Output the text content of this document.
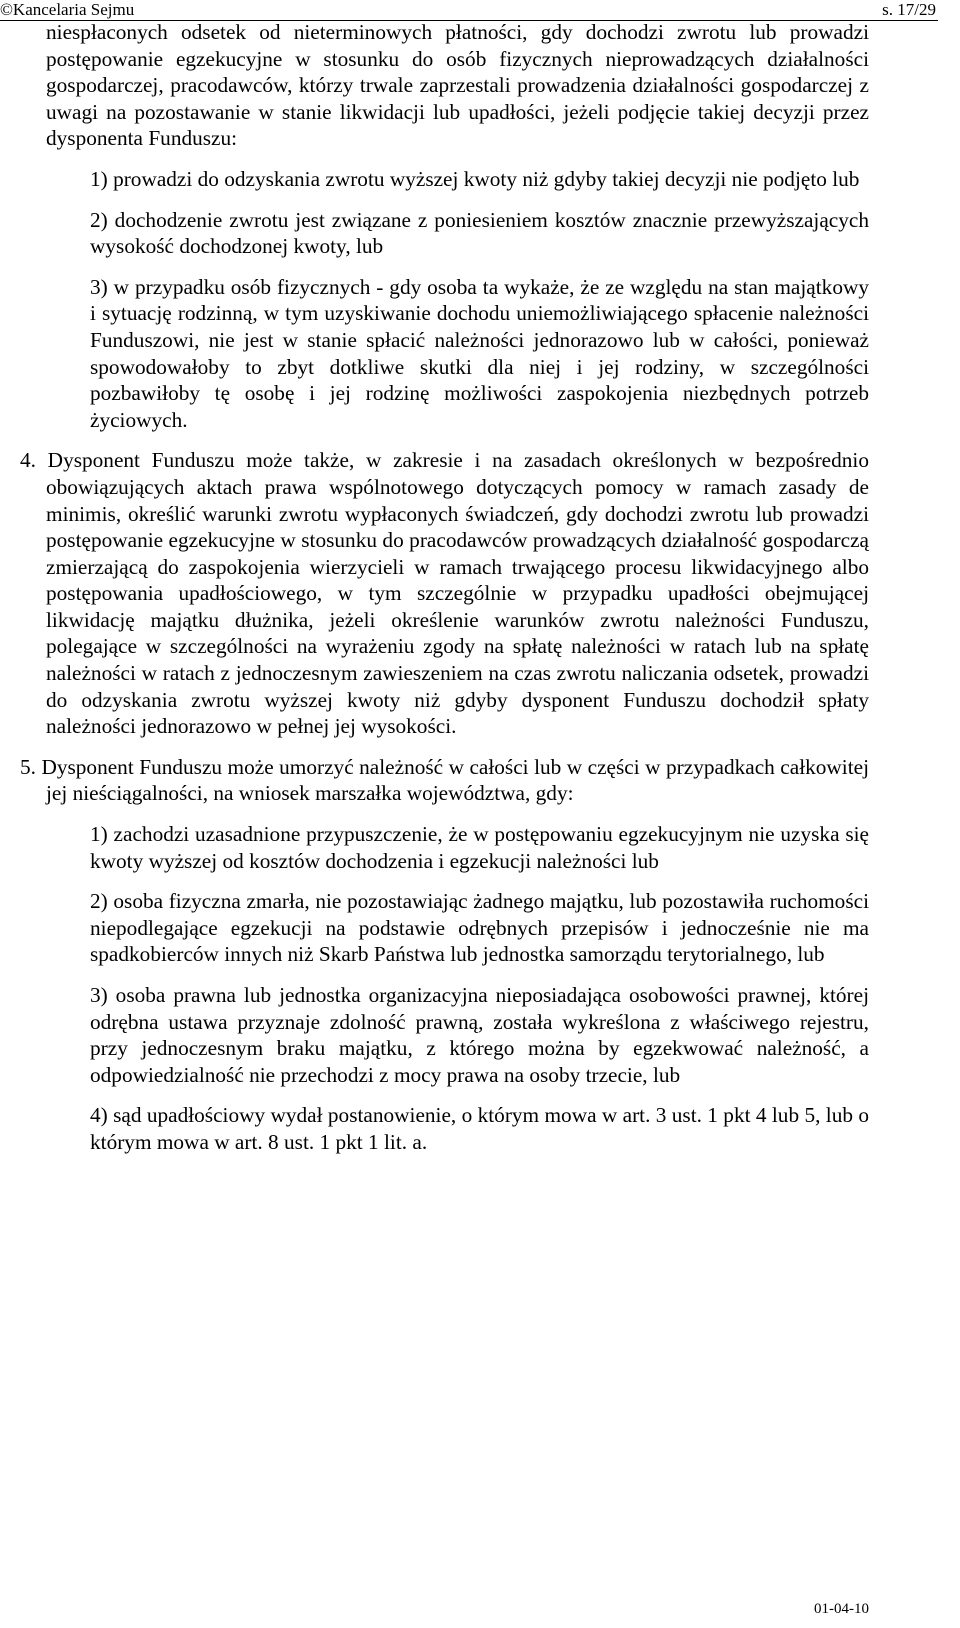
©Kancelaria Sejmu	s. 17/29

niespłaconych odsetek od nieterminowych płatności, gdy dochodzi zwrotu lub prowadzi postępowanie egzekucyjne w stosunku do osób fizycznych nieprowadzących działalności gospodarczej, pracodawców, którzy trwale zaprzestali prowadzenia działalności gospodarczej z uwagi na pozostawanie w stanie likwidacji lub upadłości, jeżeli podjęcie takiej decyzji przez dysponenta Funduszu:

1) prowadzi do odzyskania zwrotu wyższej kwoty niż gdyby takiej decyzji nie podjęto lub

2) dochodzenie zwrotu jest związane z poniesieniem kosztów znacznie przewyższających wysokość dochodzonej kwoty, lub

3) w przypadku osób fizycznych - gdy osoba ta wykaże, że ze względu na stan majątkowy i sytuację rodzinną, w tym uzyskiwanie dochodu uniemożliwiającego spłacenie należności Funduszowi, nie jest w stanie spłacić należności jednorazowo lub w całości, ponieważ spowodowałoby to zbyt dotkliwe skutki dla niej i jej rodziny, w szczególności pozbawiłoby tę osobę i jej rodzinę możliwości zaspokojenia niezbędnych potrzeb życiowych.

4. Dysponent Funduszu może także, w zakresie i na zasadach określonych w bezpośrednio obowiązujących aktach prawa wspólnotowego dotyczących pomocy w ramach zasady de minimis, określić warunki zwrotu wypłaconych świadczeń, gdy dochodzi zwrotu lub prowadzi postępowanie egzekucyjne w stosunku do pracodawców prowadzących działalność gospodarczą zmierzającą do zaspokojenia wierzycieli w ramach trwającego procesu likwidacyjnego albo postępowania upadłościowego, w tym szczególnie w przypadku upadłości obejmującej likwidację majątku dłużnika, jeżeli określenie warunków zwrotu należności Funduszu, polegające w szczególności na wyrażeniu zgody na spłatę należności w ratach lub na spłatę należności w ratach z jednoczesnym zawieszeniem na czas zwrotu naliczania odsetek, prowadzi do odzyskania zwrotu wyższej kwoty niż gdyby dysponent Funduszu dochodził spłaty należności jednorazowo w pełnej jej wysokości.

5. Dysponent Funduszu może umorzyć należność w całości lub w części w przypadkach całkowitej jej nieściągalności, na wniosek marszałka województwa, gdy:

1) zachodzi uzasadnione przypuszczenie, że w postępowaniu egzekucyjnym nie uzyska się kwoty wyższej od kosztów dochodzenia i egzekucji należności lub

2) osoba fizyczna zmarła, nie pozostawiając żadnego majątku, lub pozostawiła ruchomości niepodlegające egzekucji na podstawie odrębnych przepisów i jednocześnie nie ma spadkobierców innych niż Skarb Państwa lub jednostka samorządu terytorialnego, lub

3) osoba prawna lub jednostka organizacyjna nieposiadająca osobowości prawnej, której odrębna ustawa przyznaje zdolność prawną, została wykreślona z właściwego rejestru, przy jednoczesnym braku majątku, z którego można by egzekwować należność, a odpowiedzialność nie przechodzi z mocy prawa na osoby trzecie, lub

4) sąd upadłościowy wydał postanowienie, o którym mowa w art. 3 ust. 1 pkt 4 lub 5, lub o którym mowa w art. 8 ust. 1 pkt 1 lit. a.

01-04-10
